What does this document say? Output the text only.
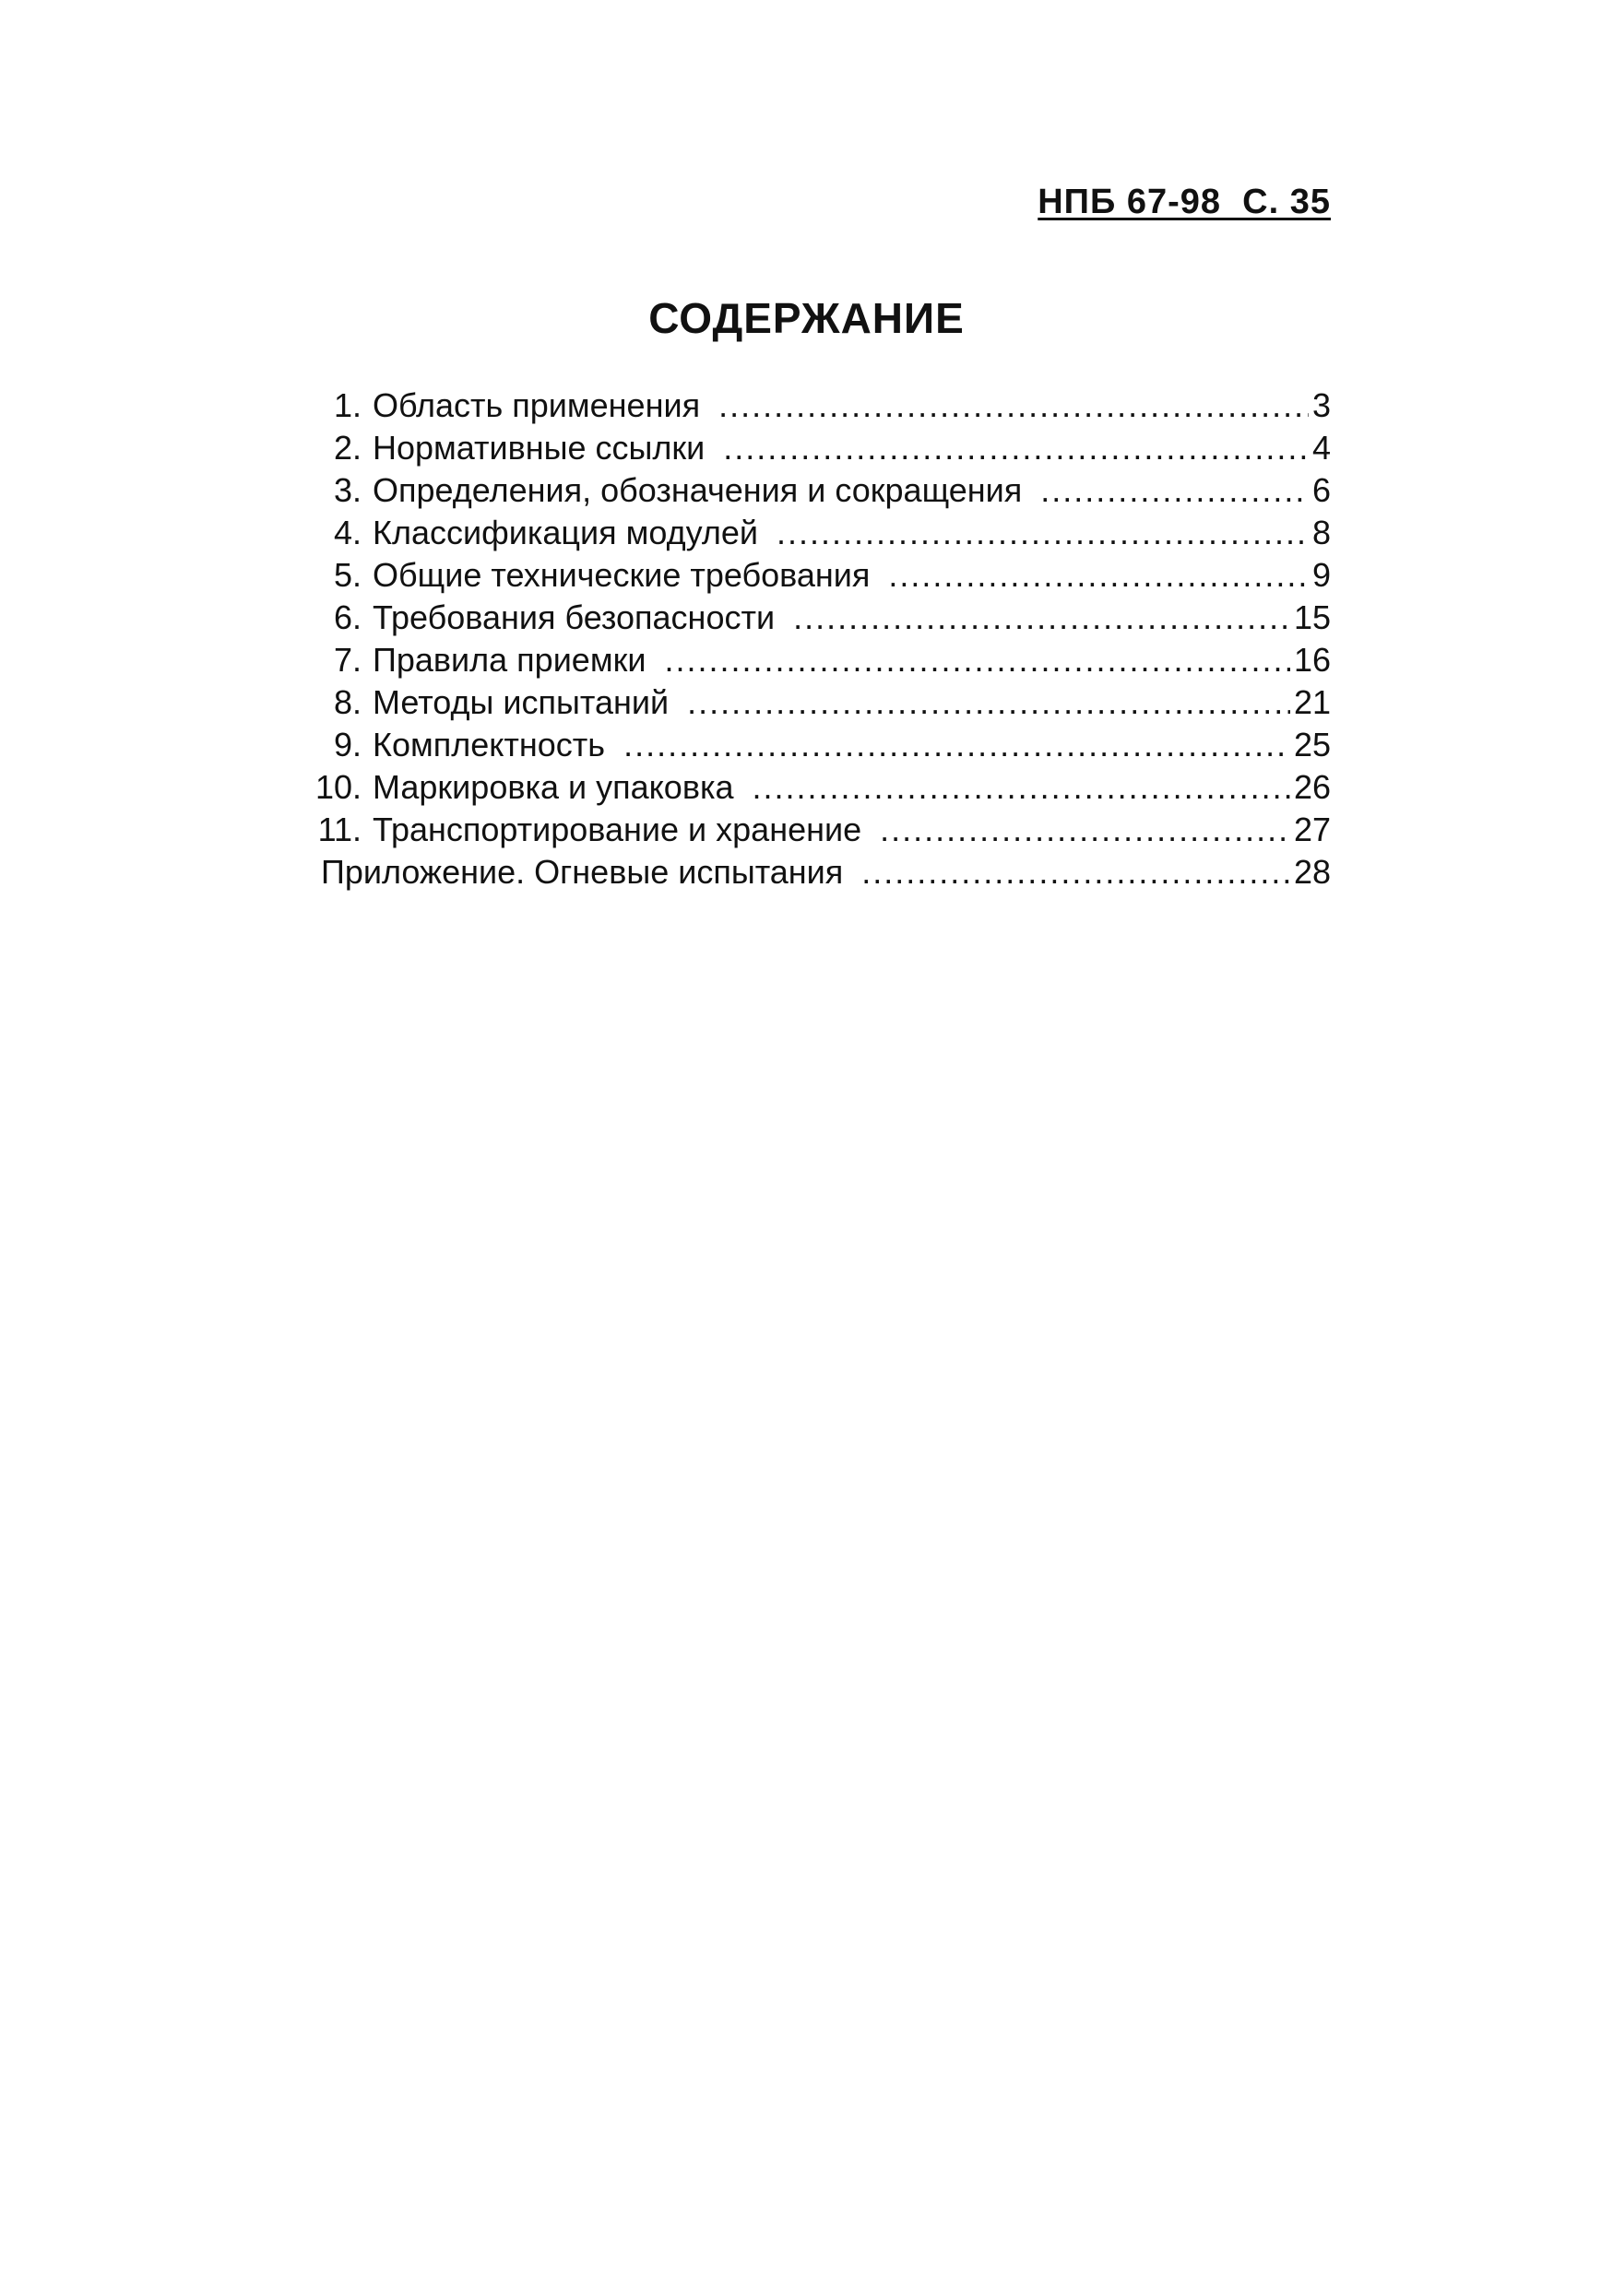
НПБ 67-98  С. 35
СОДЕРЖАНИЕ
1. Область применения .....	3
2. Нормативные ссылки .....	4
3. Определения, обозначения и сокращения .....	6
4. Классификация модулей .....	8
5. Общие технические требования .....	9
6. Требования безопасности .....	15
7. Правила приемки .....	16
8. Методы испытаний .....	21
9. Комплектность .....	25
10. Маркировка и упаковка .....	26
11. Транспортирование и хранение .....	27
Приложение. Огневые испытания .....	28
